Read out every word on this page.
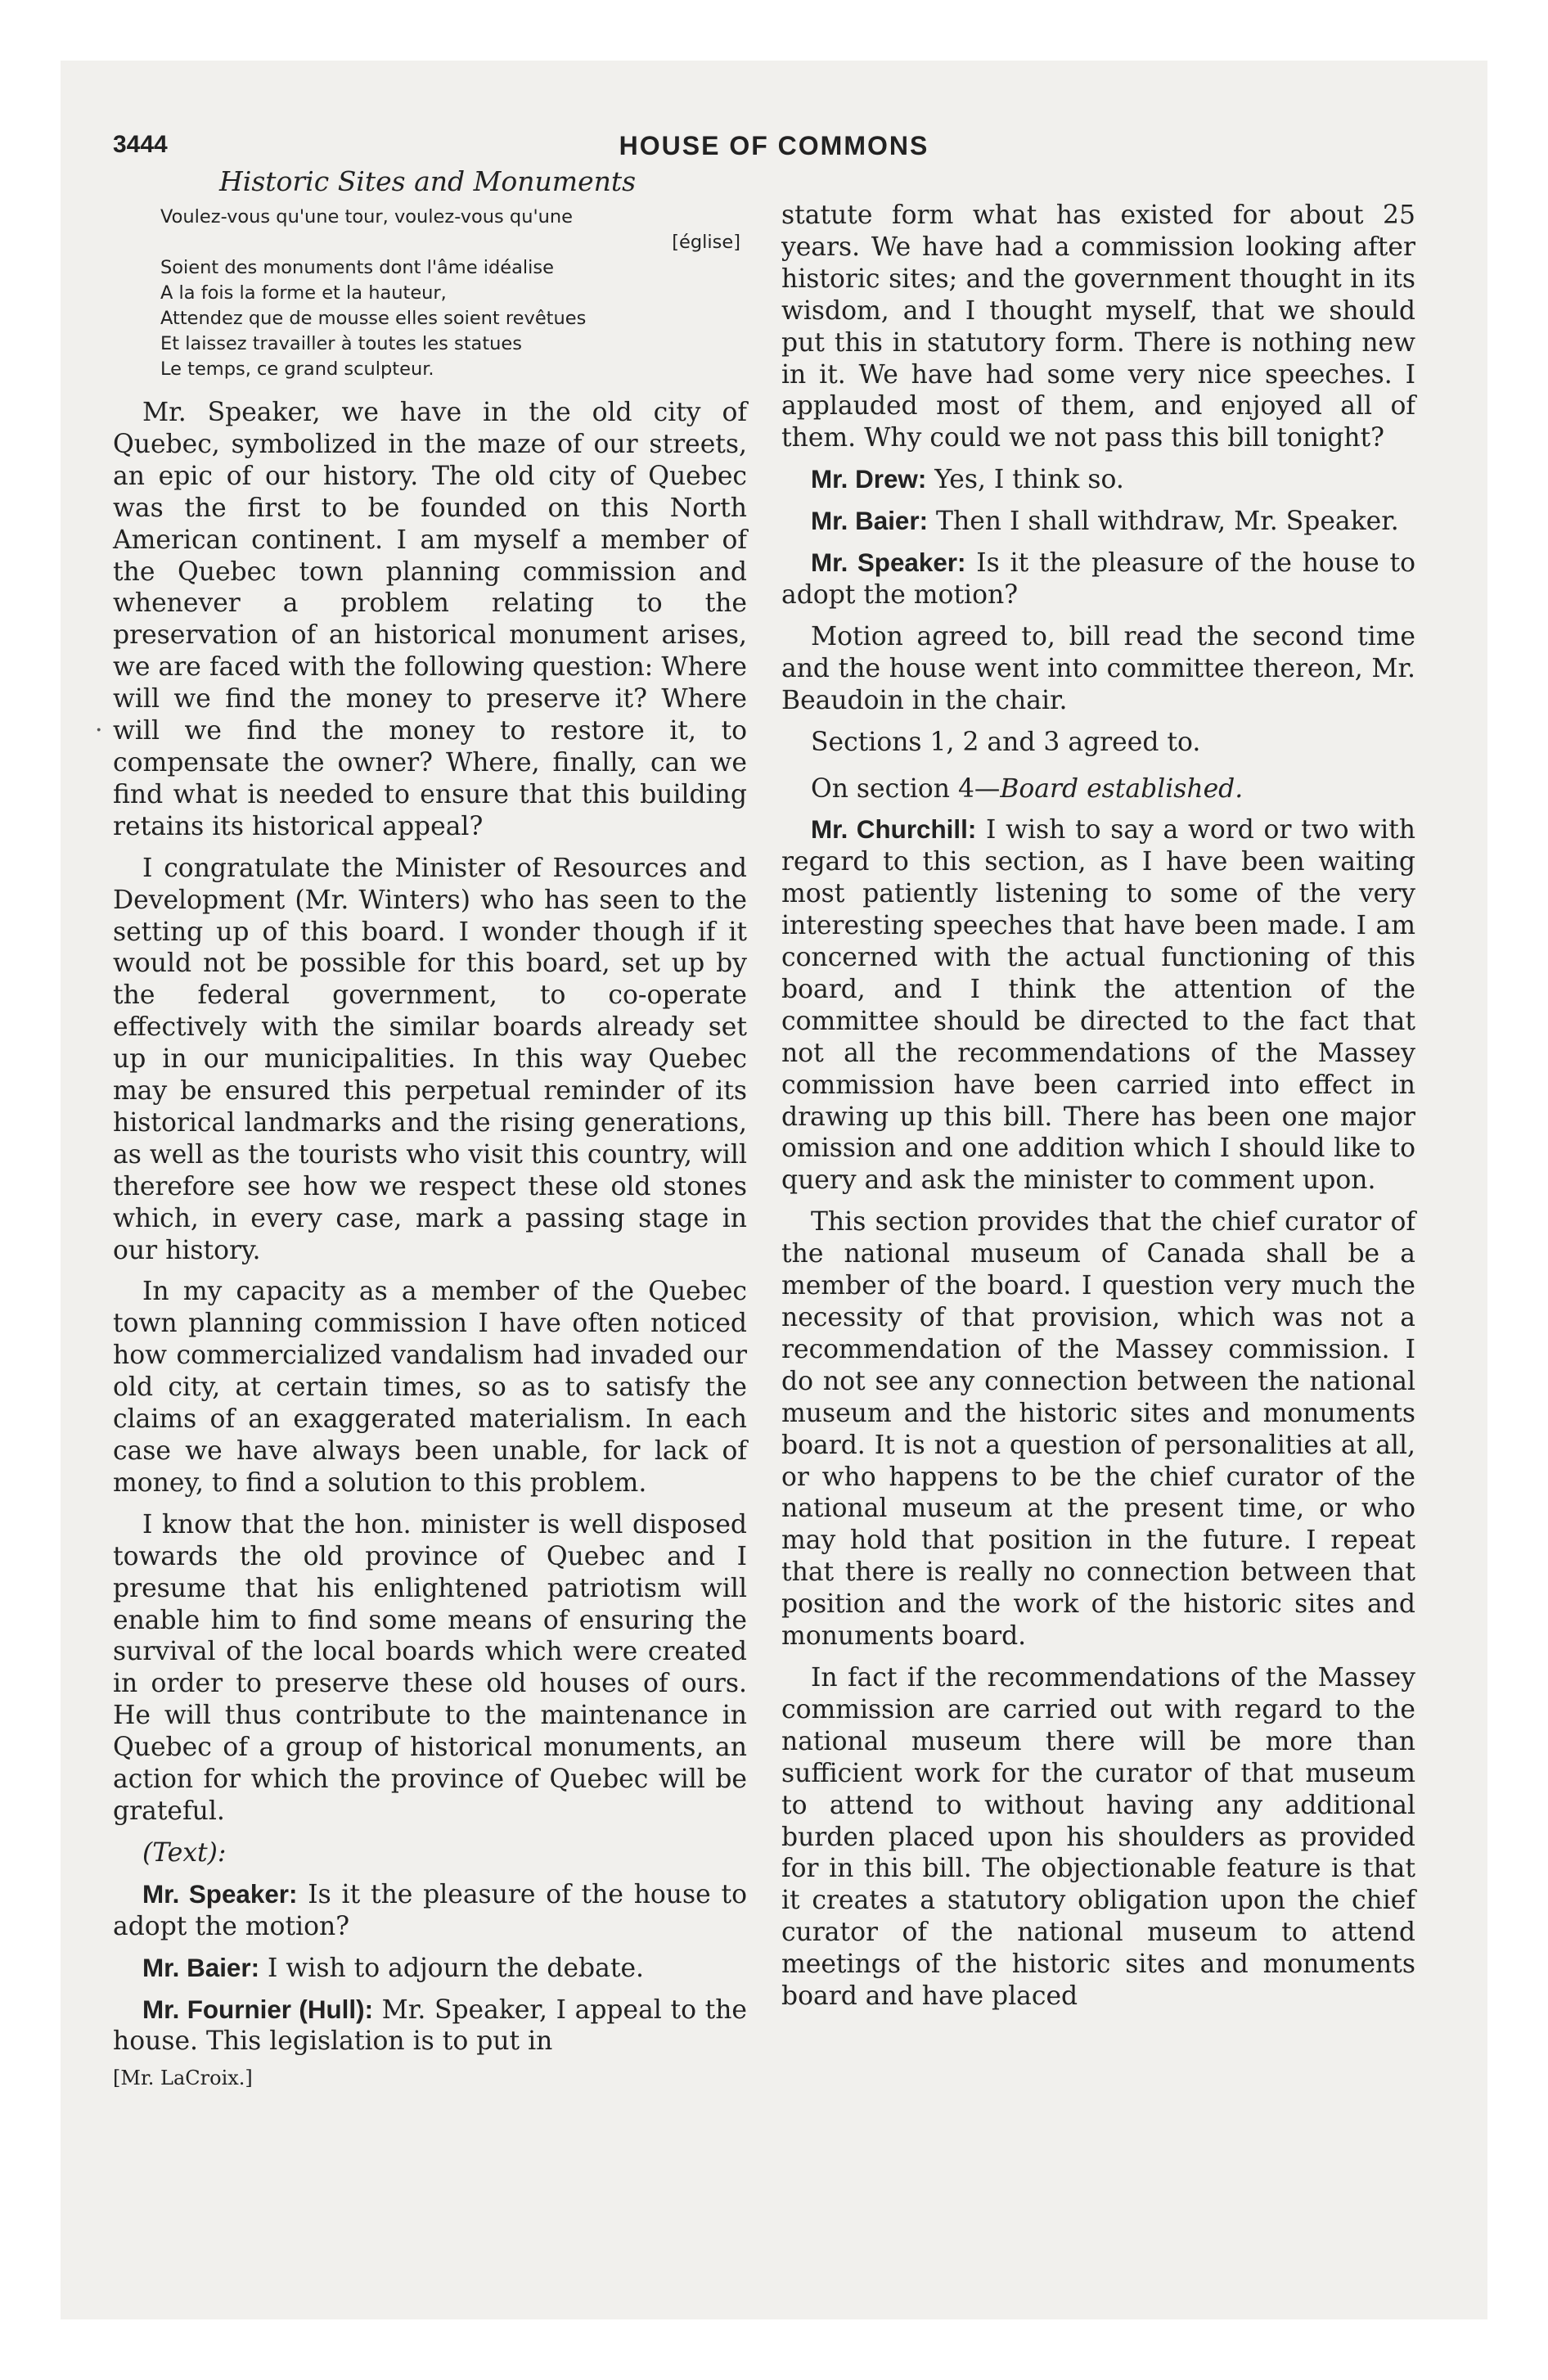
3444	HOUSE OF COMMONS
Historic Sites and Monuments
·
Voulez-vous qu'une tour, voulez-vous qu'une
[église]
Soient des monuments dont l'âme idéalise
A la fois la forme et la hauteur,
Attendez que de mousse elles soient revêtues
Et laissez travailler à toutes les statues
Le temps, ce grand sculpteur.

Mr. Speaker, we have in the old city of Quebec, symbolized in the maze of our streets, an epic of our history. The old city of Quebec was the first to be founded on this North American continent. I am myself a member of the Quebec town planning commission and whenever a problem relating to the preservation of an historical monument arises, we are faced with the following question: Where will we find the money to preserve it? Where will we find the money to restore it, to compensate the owner? Where, finally, can we find what is needed to ensure that this building retains its historical appeal?

I congratulate the Minister of Resources and Development (Mr. Winters) who has seen to the setting up of this board. I wonder though if it would not be possible for this board, set up by the federal government, to co-operate effectively with the similar boards already set up in our municipalities. In this way Quebec may be ensured this perpetual reminder of its historical landmarks and the rising generations, as well as the tourists who visit this country, will therefore see how we respect these old stones which, in every case, mark a passing stage in our history.

In my capacity as a member of the Quebec town planning commission I have often noticed how commercialized vandalism had invaded our old city, at certain times, so as to satisfy the claims of an exaggerated materialism. In each case we have always been unable, for lack of money, to find a solution to this problem.

I know that the hon. minister is well disposed towards the old province of Quebec and I presume that his enlightened patriotism will enable him to find some means of ensuring the survival of the local boards which were created in order to preserve these old houses of ours. He will thus contribute to the maintenance in Quebec of a group of historical monuments, an action for which the province of Quebec will be grateful.

(Text):

Mr. Speaker: Is it the pleasure of the house to adopt the motion?

Mr. Baier: I wish to adjourn the debate.

Mr. Fournier (Hull): Mr. Speaker, I appeal to the house. This legislation is to put in

[Mr. LaCroix.]

statute form what has existed for about 25 years. We have had a commission looking after historic sites; and the government thought in its wisdom, and I thought myself, that we should put this in statutory form. There is nothing new in it. We have had some very nice speeches. I applauded most of them, and enjoyed all of them. Why could we not pass this bill tonight?

Mr. Drew: Yes, I think so.

Mr. Baier: Then I shall withdraw, Mr. Speaker.

Mr. Speaker: Is it the pleasure of the house to adopt the motion?

Motion agreed to, bill read the second time and the house went into committee thereon, Mr. Beaudoin in the chair.

Sections 1, 2 and 3 agreed to.

On section 4—Board established.

Mr. Churchill: I wish to say a word or two with regard to this section, as I have been waiting most patiently listening to some of the very interesting speeches that have been made. I am concerned with the actual functioning of this board, and I think the attention of the committee should be directed to the fact that not all the recommendations of the Massey commission have been carried into effect in drawing up this bill. There has been one major omission and one addition which I should like to query and ask the minister to comment upon.

This section provides that the chief curator of the national museum of Canada shall be a member of the board. I question very much the necessity of that provision, which was not a recommendation of the Massey commission. I do not see any connection between the national museum and the historic sites and monuments board. It is not a question of personalities at all, or who happens to be the chief curator of the national museum at the present time, or who may hold that position in the future. I repeat that there is really no connection between that position and the work of the historic sites and monuments board.

In fact if the recommendations of the Massey commission are carried out with regard to the national museum there will be more than sufficient work for the curator of that museum to attend to without having any additional burden placed upon his shoulders as provided for in this bill. The objectionable feature is that it creates a statutory obligation upon the chief curator of the national museum to attend meetings of the historic sites and monuments board and have placed
